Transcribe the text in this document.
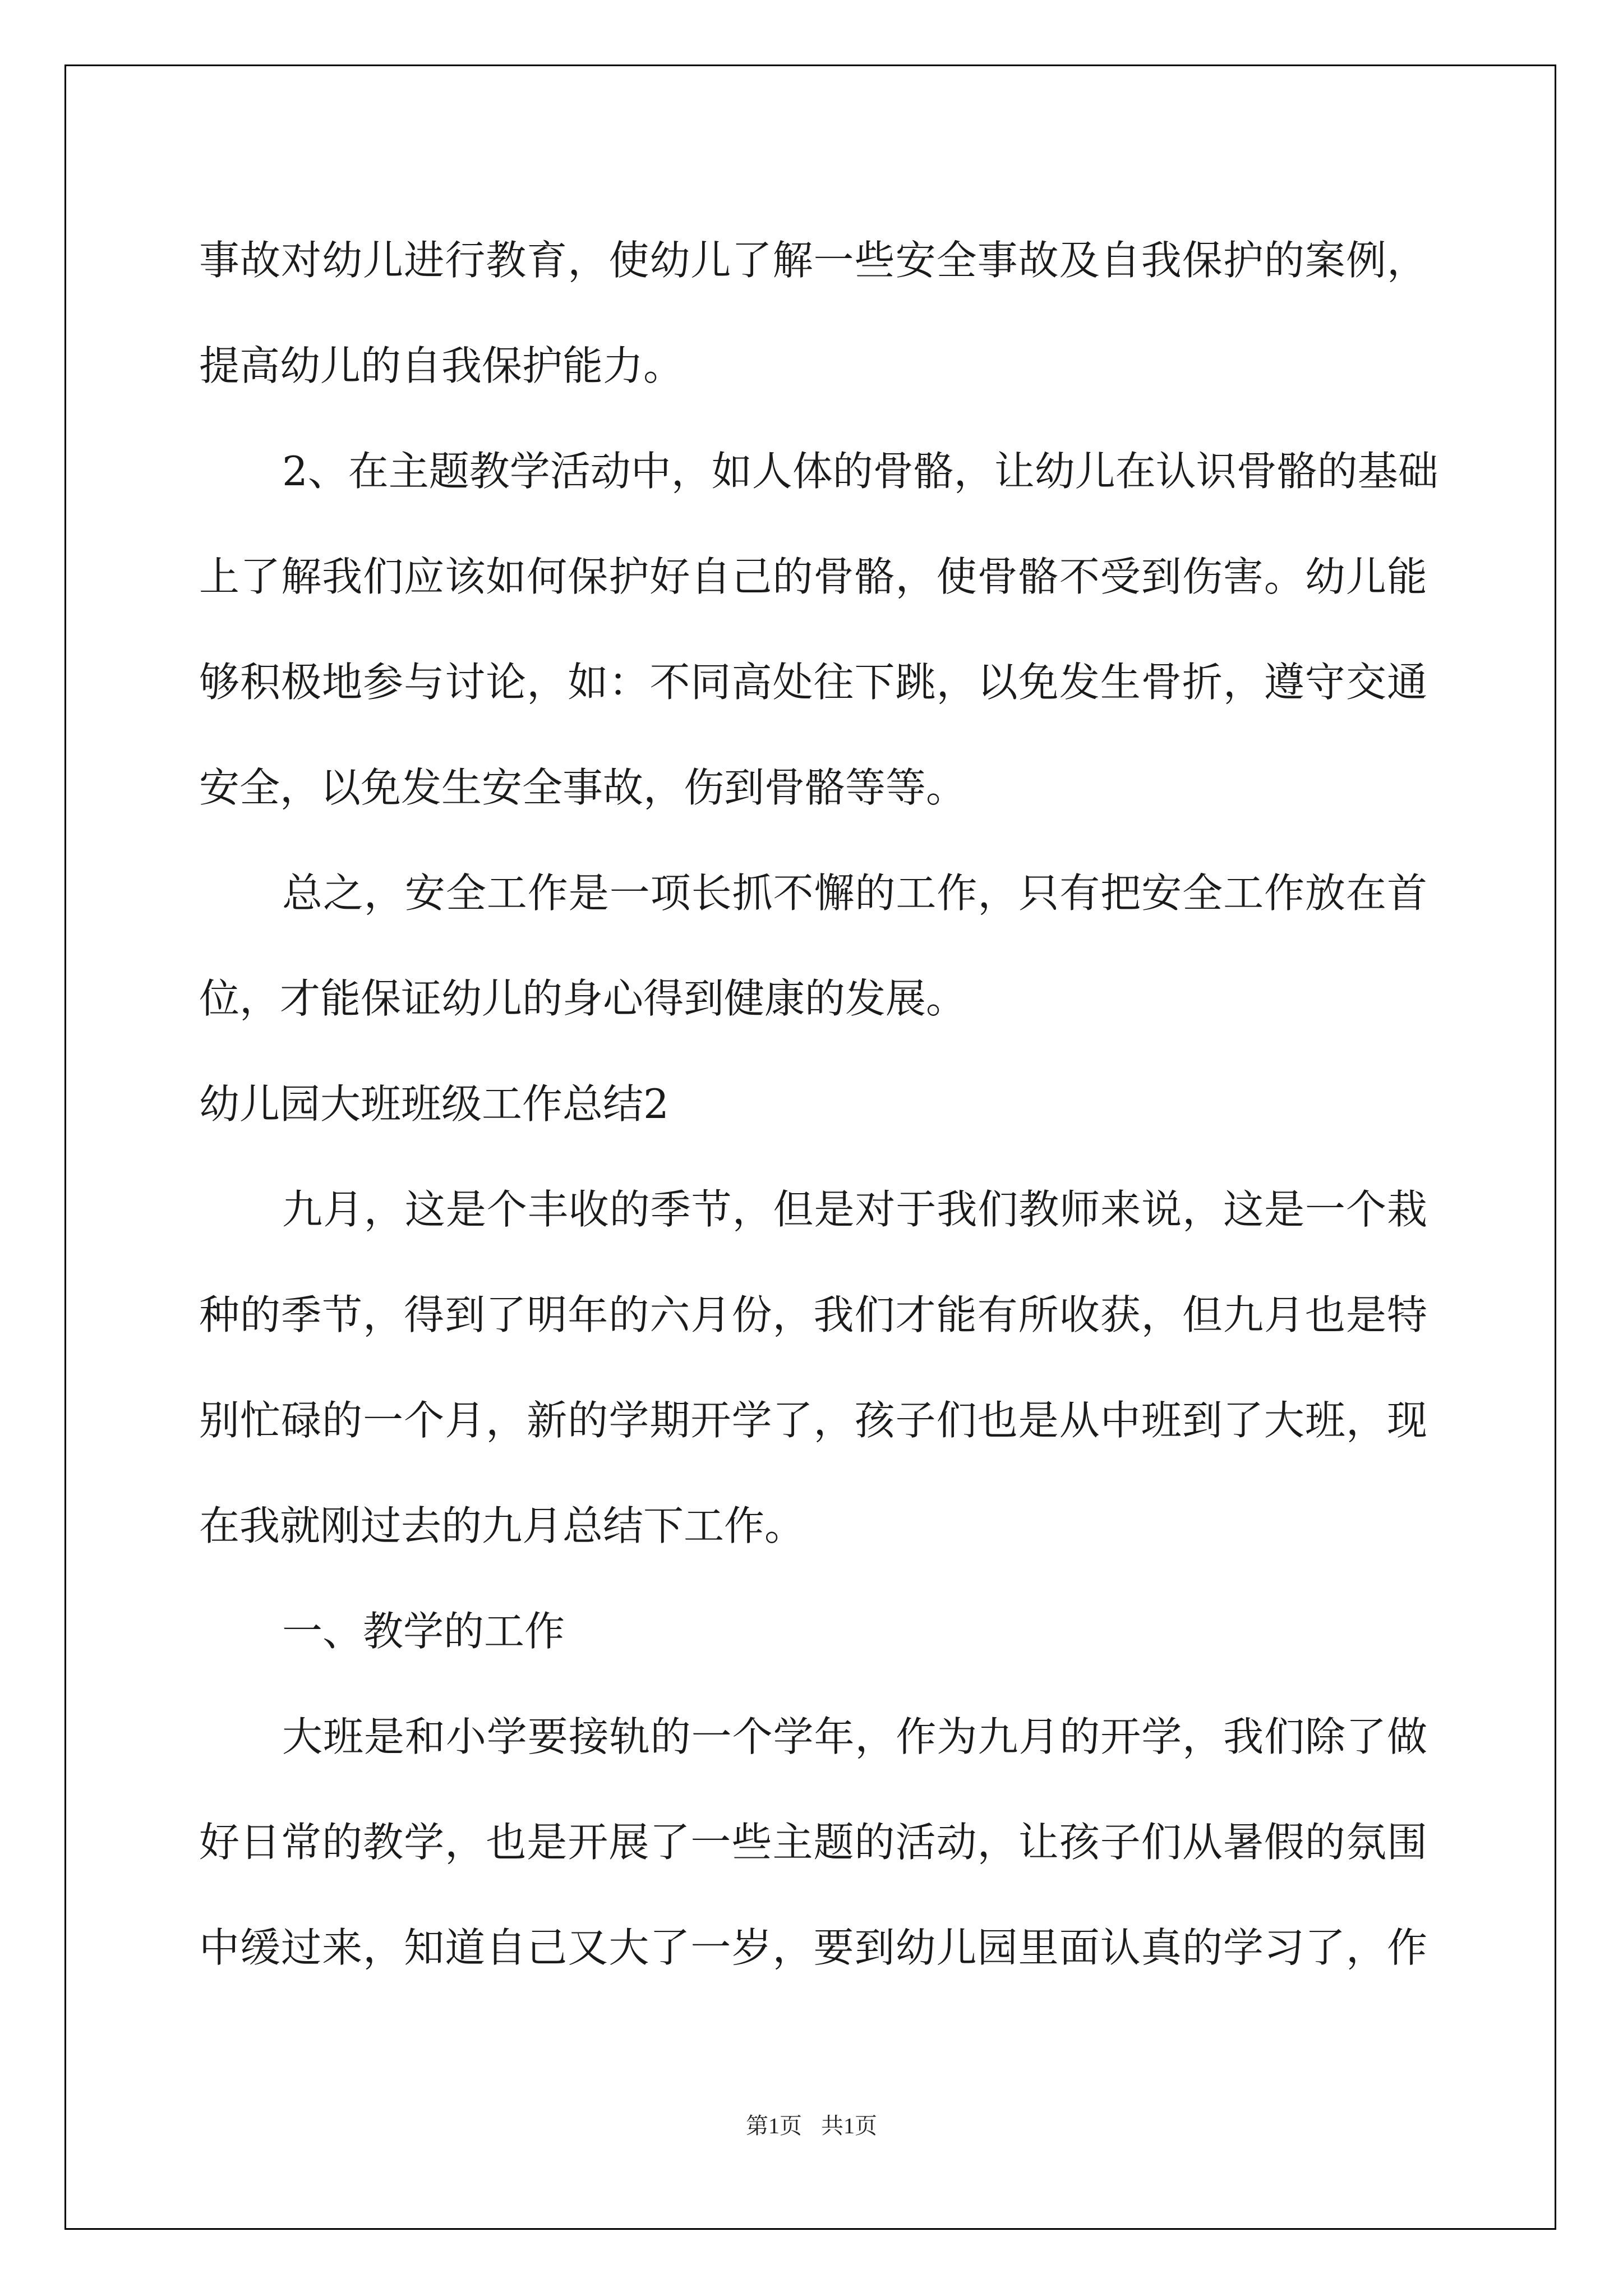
事故对幼儿进行教育，使幼儿了解一些安全事故及自我保护的案例，
提高幼儿的自我保护能力。
2、在主题教学活动中，如人体的骨骼，让幼儿在认识骨骼的基础
上了解我们应该如何保护好自己的骨骼，使骨骼不受到伤害。幼儿能
够积极地参与讨论，如：不同高处往下跳，以免发生骨折，遵守交通
安全，以免发生安全事故，伤到骨骼等等。
总之，安全工作是一项长抓不懈的工作，只有把安全工作放在首
位，才能保证幼儿的身心得到健康的发展。
幼儿园大班班级工作总结2
九月，这是个丰收的季节，但是对于我们教师来说，这是一个栽
种的季节，得到了明年的六月份，我们才能有所收获，但九月也是特
别忙碌的一个月，新的学期开学了，孩子们也是从中班到了大班，现
在我就刚过去的九月总结下工作。
一、教学的工作
大班是和小学要接轨的一个学年，作为九月的开学，我们除了做
好日常的教学，也是开展了一些主题的活动，让孩子们从暑假的氛围
中缓过来，知道自己又大了一岁，要到幼儿园里面认真的学习了，作
第1页 共1页
